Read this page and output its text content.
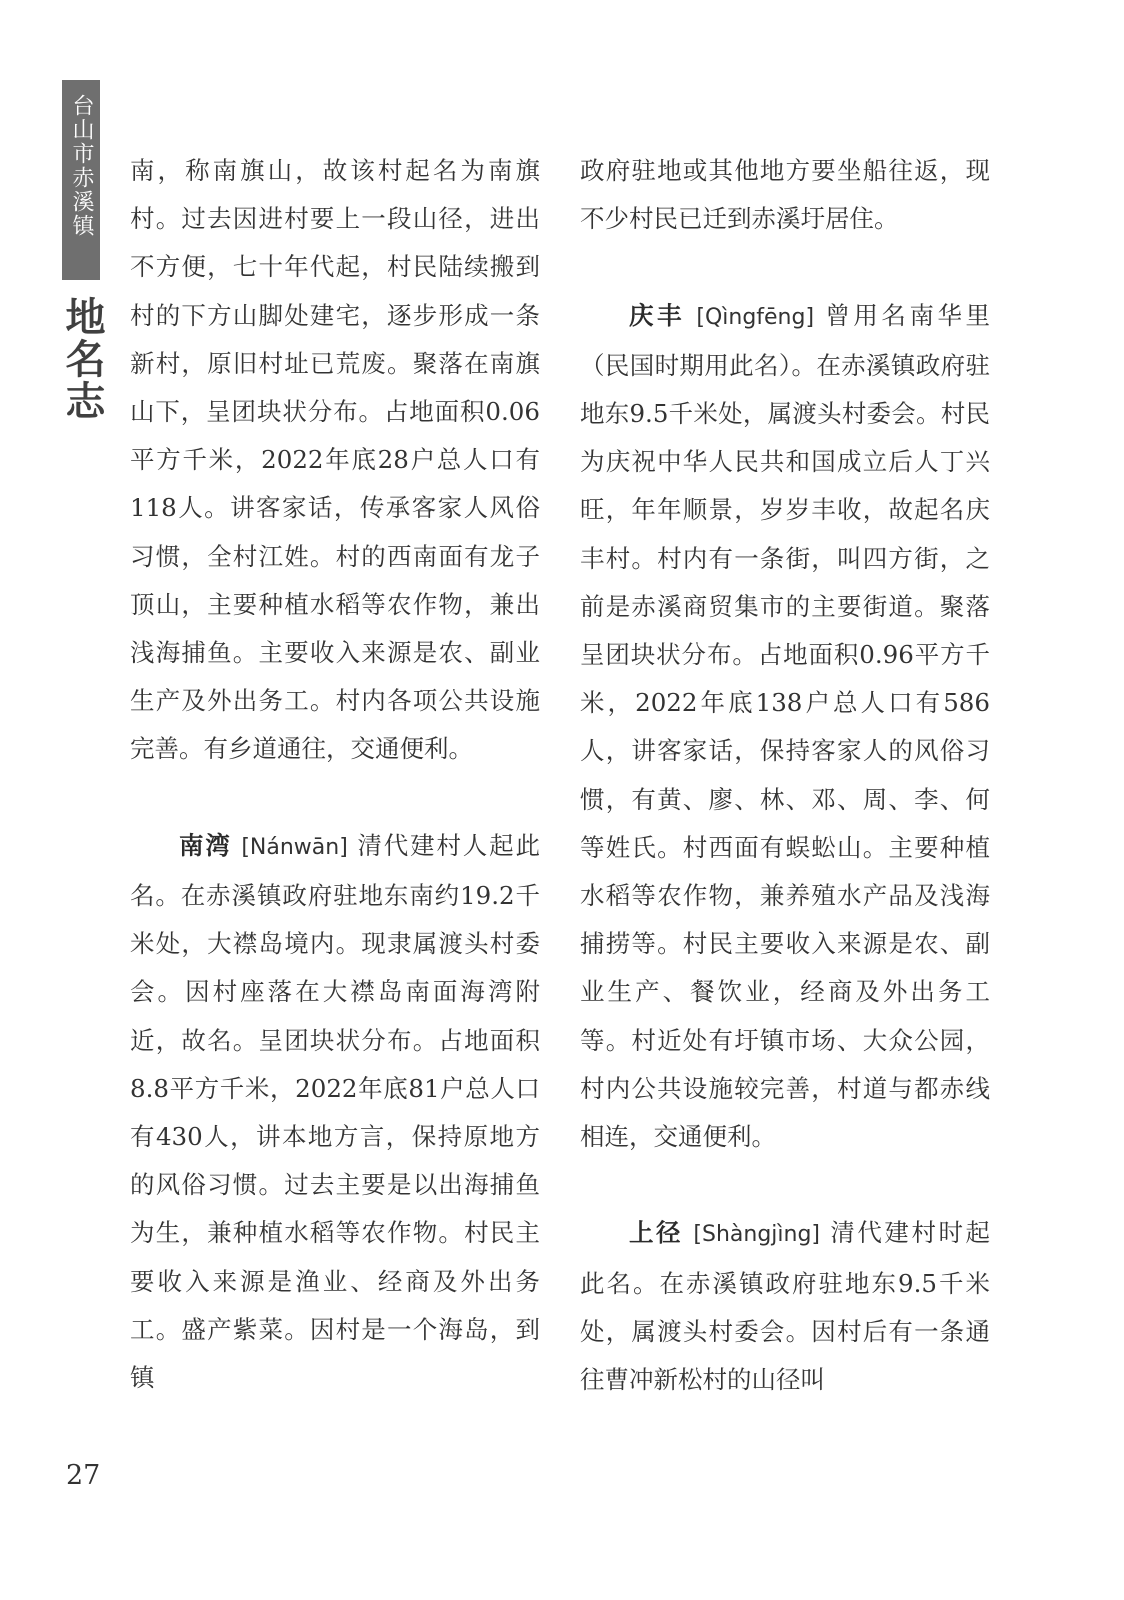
台山市赤溪镇
地名志

南，称南旗山，故该村起名为南旗村。过去因进村要上一段山径，进出不方便，七十年代起，村民陆续搬到村的下方山脚处建宅，逐步形成一条新村，原旧村址已荒废。聚落在南旗山下，呈团块状分布。占地面积0.06平方千米，2022年底28户总人口有118人。讲客家话，传承客家人风俗习惯，全村江姓。村的西南面有龙子顶山，主要种植水稻等农作物，兼出浅海捕鱼。主要收入来源是农、副业生产及外出务工。村内各项公共设施完善。有乡道通往，交通便利。

南湾 [Nánwān] 清代建村人起此名。在赤溪镇政府驻地东南约19.2千米处，大襟岛境内。现隶属渡头村委会。因村座落在大襟岛南面海湾附近，故名。呈团块状分布。占地面积8.8平方千米，2022年底81户总人口有430人，讲本地方言，保持原地方的风俗习惯。过去主要是以出海捕鱼为生，兼种植水稻等农作物。村民主要收入来源是渔业、经商及外出务工。盛产紫菜。因村是一个海岛，到镇

政府驻地或其他地方要坐船往返，现不少村民已迁到赤溪圩居住。

庆丰 [Qìngfēng] 曾用名南华里（民国时期用此名）。在赤溪镇政府驻地东9.5千米处，属渡头村委会。村民为庆祝中华人民共和国成立后人丁兴旺，年年顺景，岁岁丰收，故起名庆丰村。村内有一条街，叫四方街，之前是赤溪商贸集市的主要街道。聚落呈团块状分布。占地面积0.96平方千米，2022年底138户总人口有586人，讲客家话，保持客家人的风俗习惯，有黄、廖、林、邓、周、李、何等姓氏。村西面有蜈蚣山。主要种植水稻等农作物，兼养殖水产品及浅海捕捞等。村民主要收入来源是农、副业生产、餐饮业，经商及外出务工等。村近处有圩镇市场、大众公园，村内公共设施较完善，村道与都赤线相连，交通便利。

上径 [Shàngjìng] 清代建村时起此名。在赤溪镇政府驻地东9.5千米处，属渡头村委会。因村后有一条通往曹冲新松村的山径叫

27
